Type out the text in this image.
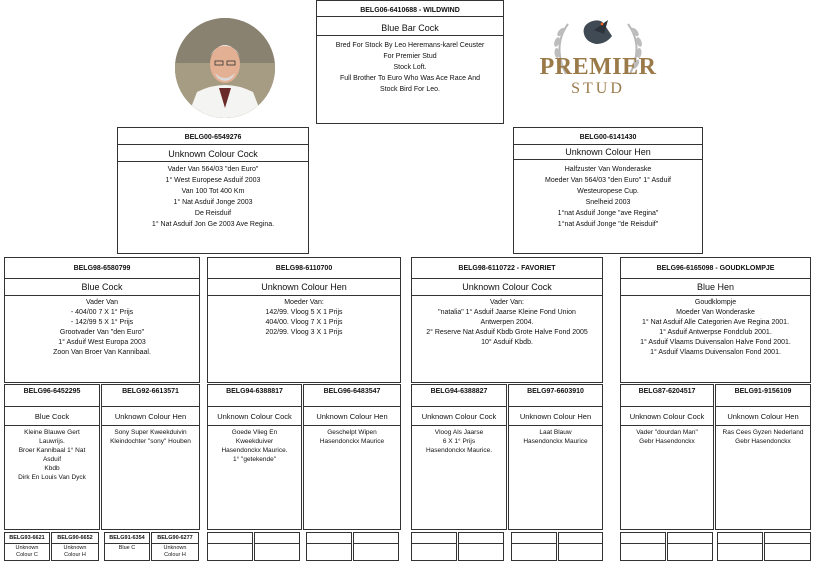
BELG06-6410688 - WILDWIND
Blue Bar Cock
Bred For Stock By Leo Heremans-karel Ceuster
For Premier Stud
Stock Loft.
Full Brother To Euro Who Was Ace Race And
Stock Bird For Leo.
PREMIER
STUD
BELG00-6549276
Unknown Colour Cock
Vader Van 564/03 "den Euro"
1° West Europese Asduif 2003
Van 100 Tot 400 Km
1° Nat Asduif Jonge 2003
De Reisduif
1° Nat Asduif Jon Ge 2003 Ave Regina.
BELG00-6141430
Unknown Colour Hen
Halfzuster Van Wonderaske
Moeder Van 564/03 "den Euro" 1° Asduif
Westeuropese Cup.
Snelheid 2003
1°nat Asduif Jonge "ave Regina"
1°nat Asduif Jonge "de Reisduif"
BELG98-6580799
Blue Cock
Vader Van
- 404/00 7 X 1° Prijs
- 142/99 5 X 1° Prijs
Grootvader Van "den Euro"
1° Asduif West Europa 2003
Zoon Van Broer Van Kannibaal.
BELG98-6110700
Unknown Colour Hen
Moeder Van:
142/99. Vloog 5 X 1 Prijs
404/00. Vloog 7 X 1 Prijs
202/99. Vloog 3 X 1 Prijs
BELG98-6110722 - FAVORIET
Unknown Colour Cock
Vader Van:
"natalia" 1° Asduif Jaarse Kleine Fond Union
Antwerpen 2004.
2° Reserve Nat Asduif Kbdb Grote Halve Fond 2005
10° Asduif Kbdb.
BELG96-6165098 - GOUDKLOMPJE
Blue Hen
Goudklompje
Moeder Van Wonderaske
1° Nat Asduif Alle Categorien Ave Regina 2001.
1° Asduif Antwerpse Fondclub 2001.
1° Asduif Vlaams Duivensalon Halve Fond 2001.
1° Asduif Vlaams Duivensalon Fond 2001.
BELG96-6452295
Blue Cock
Kleine Blauwe Gert
Lauwrijs.
Broer Kannibaal 1° Nat
Asduif
Kbdb
Dirk En Louis Van Dyck
BELG92-6613571
Unknown Colour Hen
Sony Super Kweekduivin
Kleindochter "sony" Houben
BELG94-6388817
Unknown Colour Cock
Goede Vlieg En
Kweekduiver
Hasendonckx Maurice.
1° "getekende"
BELG96-6483547
Unknown Colour Hen
Geschelpt Wipen
Hasendonckx Maurice
BELG94-6388827
Unknown Colour Cock
Vloog Als Jaarse
6 X 1° Prijs
Hasendonckx Maurice.
BELG97-6603910
Unknown Colour Hen
Laat Blauw
Hasendonckx Maurice
BELG87-6204517
Unknown Colour Cock
Vader "dourdan Man"
Gebr Hasendonckx
BELG91-9156109
Unknown Colour Hen
Ras Cees Gyzen Nederland
Gebr Hasendonckx
BELG93-6621
Unknown
Colour C
BELG90-6652
Unknown
Colour H
BELG91-6354
Blue C
BELG90-6277
Unknown
Colour H
